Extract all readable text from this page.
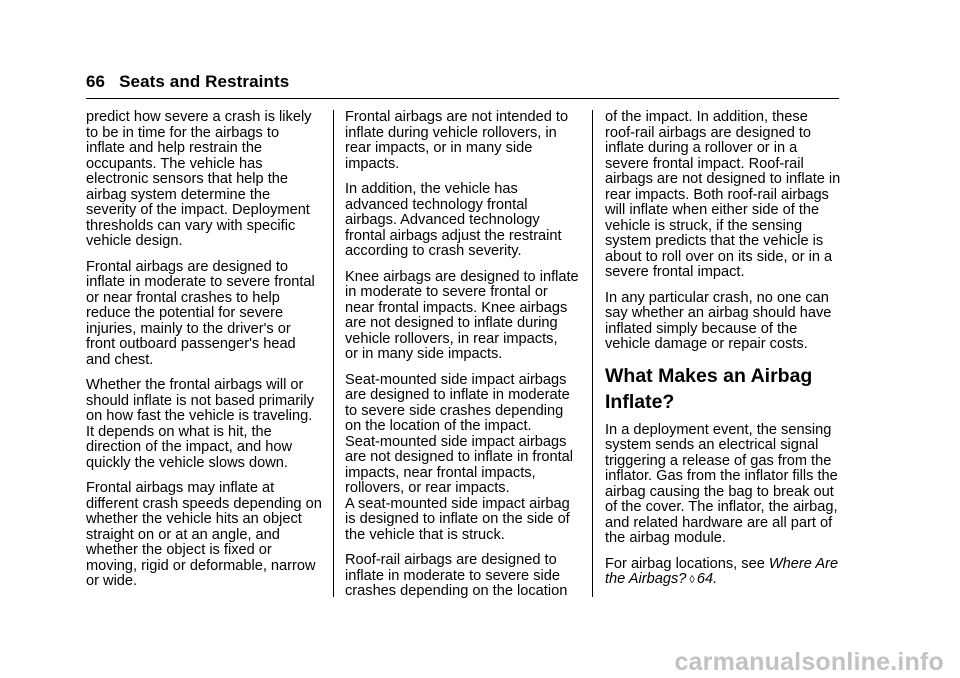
66 Seats and Restraints

predict how severe a crash is likely
to be in time for the airbags to
inflate and help restrain the
occupants. The vehicle has
electronic sensors that help the
airbag system determine the
severity of the impact. Deployment
thresholds can vary with specific
vehicle design.

Frontal airbags are designed to
inflate in moderate to severe frontal
or near frontal crashes to help
reduce the potential for severe
injuries, mainly to the driver's or
front outboard passenger's head
and chest.

Whether the frontal airbags will or
should inflate is not based primarily
on how fast the vehicle is traveling.
It depends on what is hit, the
direction of the impact, and how
quickly the vehicle slows down.

Frontal airbags may inflate at
different crash speeds depending on
whether the vehicle hits an object
straight on or at an angle, and
whether the object is fixed or
moving, rigid or deformable, narrow
or wide.

Frontal airbags are not intended to
inflate during vehicle rollovers, in
rear impacts, or in many side
impacts.

In addition, the vehicle has
advanced technology frontal
airbags. Advanced technology
frontal airbags adjust the restraint
according to crash severity.

Knee airbags are designed to inflate
in moderate to severe frontal or
near frontal impacts. Knee airbags
are not designed to inflate during
vehicle rollovers, in rear impacts,
or in many side impacts.

Seat-mounted side impact airbags
are designed to inflate in moderate
to severe side crashes depending
on the location of the impact.
Seat-mounted side impact airbags
are not designed to inflate in frontal
impacts, near frontal impacts,
rollovers, or rear impacts.
A seat-mounted side impact airbag
is designed to inflate on the side of
the vehicle that is struck.

Roof-rail airbags are designed to
inflate in moderate to severe side
crashes depending on the location

of the impact. In addition, these
roof-rail airbags are designed to
inflate during a rollover or in a
severe frontal impact. Roof-rail
airbags are not designed to inflate in
rear impacts. Both roof-rail airbags
will inflate when either side of the
vehicle is struck, if the sensing
system predicts that the vehicle is
about to roll over on its side, or in a
severe frontal impact.

In any particular crash, no one can
say whether an airbag should have
inflated simply because of the
vehicle damage or repair costs.

What Makes an Airbag
Inflate?

In a deployment event, the sensing
system sends an electrical signal
triggering a release of gas from the
inflator. Gas from the inflator fills the
airbag causing the bag to break out
of the cover. The inflator, the airbag,
and related hardware are all part of
the airbag module.

For airbag locations, see Where Are
the Airbags? ◊ 64.

carmanualsonline.info
